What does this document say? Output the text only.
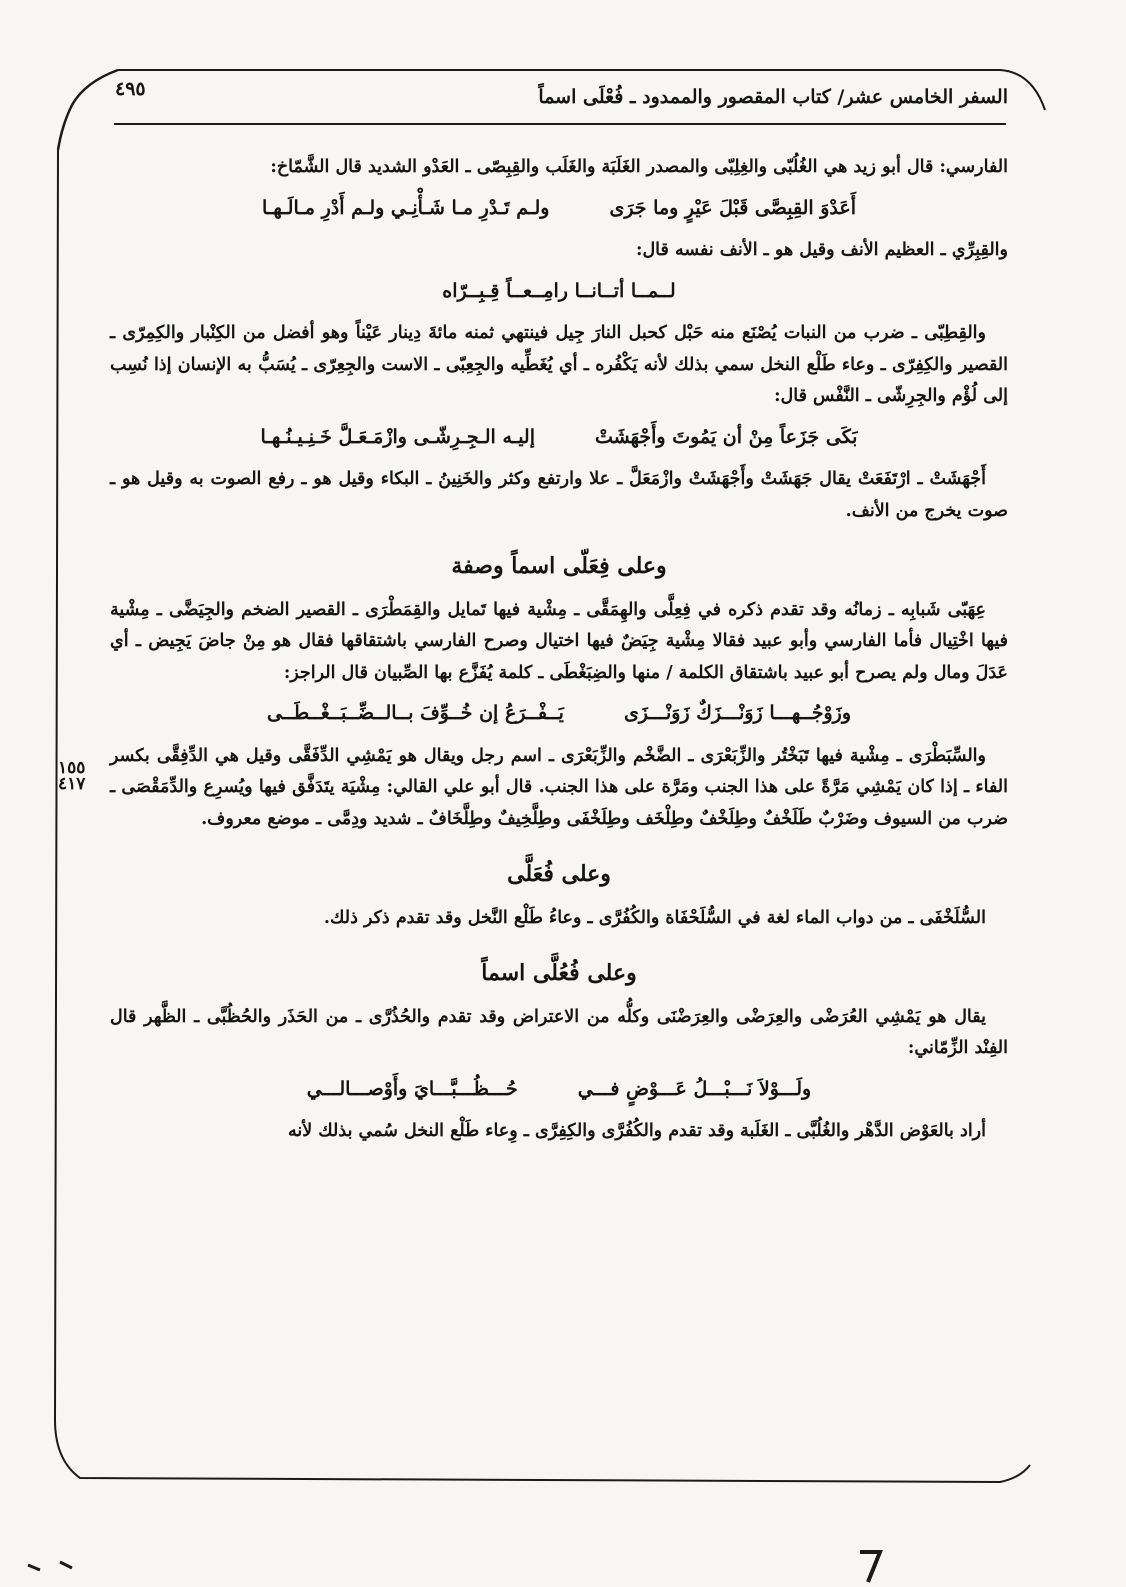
٤٩٥	السفر الخامس عشر/ كتاب المقصور والممدود ـ فُعْلَى اسماً
١٥٥
٤١٧

الفارسي: قال أبو زيد هي الغُلُبّى والغِلِبّى والمصدر الغَلَبَة والغَلَب والقِبِصّى ـ العَدْو الشديد قال الشَّمّاخ:

أَعَدْوَ القِبِصَّى قَبْلَ عَيْرٍ وما جَرَى
ولـم تَـدْرِ مـا شَـأْنِـي ولـم أَدْرِ مـالَـهـا

والقِبِرِّي ـ العظيم الأنف وقيل هو ـ الأنف نفسه قال:

لــمــا أتــانــا رامِــعــاً قِـبِــرّاه

والقِطِبّى ـ ضرب من النبات يُصْنَع منه حَبْل كحبل النارَ جِيل فينتهي ثمنه مائةَ دِينار عَيْناً وهو أفضل من الكِنْبار والكِمِرّى ـ القصير والكِفِرّى ـ وعاء طَلْع النخل سمي بذلك لأنه يَكْفُره ـ أي يُغَطِّيه والجِعِبّى ـ الاست والجِعِرّى ـ يُسَبُّ به الإنسان إذا نُسِب إلى لُؤْم والجِرِشّى ـ النَّفْس قال:

بَكَى جَزَعاً مِنْ أن يَمُوتَ وأَجْهَشَتْ
إليـه الـجِـرِشّـى وازْمَـعَـلَّ خَـنِـيـنُـهـا

أَجْهَشَتْ ـ ارْتَفَعَتْ يقال جَهَشَتْ وأَجْهَشَتْ وازْمَعَلَّ ـ علا وارتفع وكثر والخَنِينُ ـ البكاء وقيل هو ـ رفع الصوت به وقيل هو ـ صوت يخرج من الأنف.

وعلى فِعَلّى اسماً وصفة

عِهَبّى شَبابِه ـ زمانُه وقد تقدم ذكره في فِعِلَّى والهِمَقَّى ـ مِشْية فيها تَمايل والقِمَطْرَى ـ القصير الضخم والجِيَضَّى ـ مِشْية فيها اخْتِيال فأما الفارسي وأبو عبيد فقالا مِشْية جِيَضٌ فيها اختيال وصرح الفارسي باشتقاقها فقال هو مِنْ جاضَ يَجِيض ـ أي عَدَلَ ومال ولم يصرح أبو عبيد باشتقاق الكلمة / منها والضِبَغْطَى ـ كلمة يُفَزَّع بها الصِّبيان قال الراجز:

وزَوْجُــهـــا زَوَنْـــزَكٌ زَوَنْـــزَى
يَــفْــرَعُ إن خُــوِّفَ بــالــضِّــبَــغْــطَــى

والسِّبَطْرَى ـ مِشْية فيها تَبَخْتُر والزِّبَعْرَى ـ الضَّخْم والزِّبَعْرَى ـ اسم رجل ويقال هو يَمْشِي الدِّفَقَّى وقيل هي الدِّفِقَّى بكسر الفاء ـ إذا كان يَمْشِي مَرَّةً على هذا الجنب ومَرَّة على هذا الجنب. قال أبو علي القالي: مِشْيَة يتَدَفَّق فيها ويُسرِع والدِّمَقْصَى ـ ضرب من السيوف وضَرْبٌ طَلَخْفٌ وطِلَخْفٌ وطِلْخَف وطِلَخْفَى وطِلَّخِيفٌ وطِلَّخَافٌ ـ شديد ودِمَّى ـ موضع معروف.

وعلى فُعَلَّى

السُّلَخْفَى ـ من دواب الماء لغة في السُّلَحْفَاة والكُفُرَّى ـ وعاءُ طَلْع النَّخل وقد تقدم ذكر ذلك.

وعلى فُعُلَّى اسماً

يقال هو يَمْشِي العُرَضْى والعِرَضْى والعِرَضْنَى وكلُّه من الاعتراض وقد تقدم والحُذُرَّى ـ من الحَذَر والحُظُبَّى ـ الظَّهر قال الفِنْد الزِّمّاني:

ولَـــوْلاَ نَـــبْـــلُ عَـــوْضٍ فـــي
حُـــظُـــبَّـــايَ وأَوْصـــالـــي

أراد بالعَوْض الدَّهْر والغُلُبَّى ـ الغَلَبة وقد تقدم والكُفُرَّى والكِفِرَّى ـ وِعاء طَلْع النخل سُمي بذلك لأنه
